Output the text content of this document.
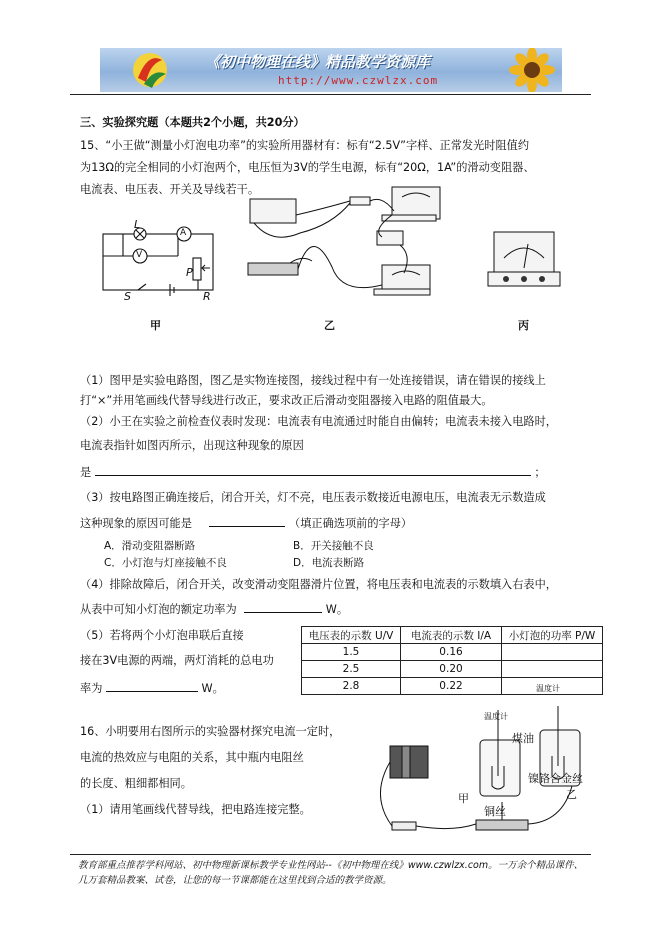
《初中物理在线》精品教学资源库
http://www.czwlzx.com
三、实验探究题（本题共2个小题，共20分）
15、“小王做“测量小灯泡电功率”的实验所用器材有：标有“2.5V”字样、正常发光时阻值约
为13Ω的完全相同的小灯泡两个，电压恒为3V的学生电源，标有“20Ω，1A”的滑动变阻器、
电流表、电压表、开关及导线若干。
L
A
V
P
S	R
甲	乙	丙
（1）图甲是实验电路图，图乙是实物连接图，接线过程中有一处连接错误，请在错误的接线上
打“×”并用笔画线代替导线进行改正，要求改正后滑动变阻器接入电路的阻值最大。
（2）小王在实验之前检查仪表时发现：电流表有电流通过时能自由偏转；电流表未接入电路时，
电流表指针如图丙所示，出现这种现象的原因
是	；
（3）按电路图正确连接后，闭合开关，灯不亮，电压表示数接近电源电压，电流表无示数造成
这种现象的原因可能是	（填正确选项前的字母）
A．滑动变阻器断路	B．开关接触不良
C．小灯泡与灯座接触不良	D．电流表断路
（4）排除故障后，闭合开关，改变滑动变阻器滑片位置，将电压表和电流表的示数填入右表中，
从表中可知小灯泡的额定功率为	W。
（5）若将两个小灯泡串联后直接
接在3V电源的两端，两灯消耗的总电功
率为	W。
电压表的示数 U/V	电流表的示数 I/A	小灯泡的功率 P/W
1.5	0.16	
2.5	0.20	
2.8	0.22	
16、小明要用右图所示的实验器材探究电流一定时，
电流的热效应与电阻的关系，其中瓶内电阻丝
的长度、粗细都相同。
（1）请用笔画线代替导线，把电路连接完整。
温度计
温度计
煤油
镍铬合金丝
乙
甲
铜丝
教育部重点推荐学科网站、初中物理新课标教学专业性网站--《初中物理在线》www.czwlzx.com。一万余个精品课件、
几万套精品教案、试卷，让您的每一节课都能在这里找到合适的教学资源。
